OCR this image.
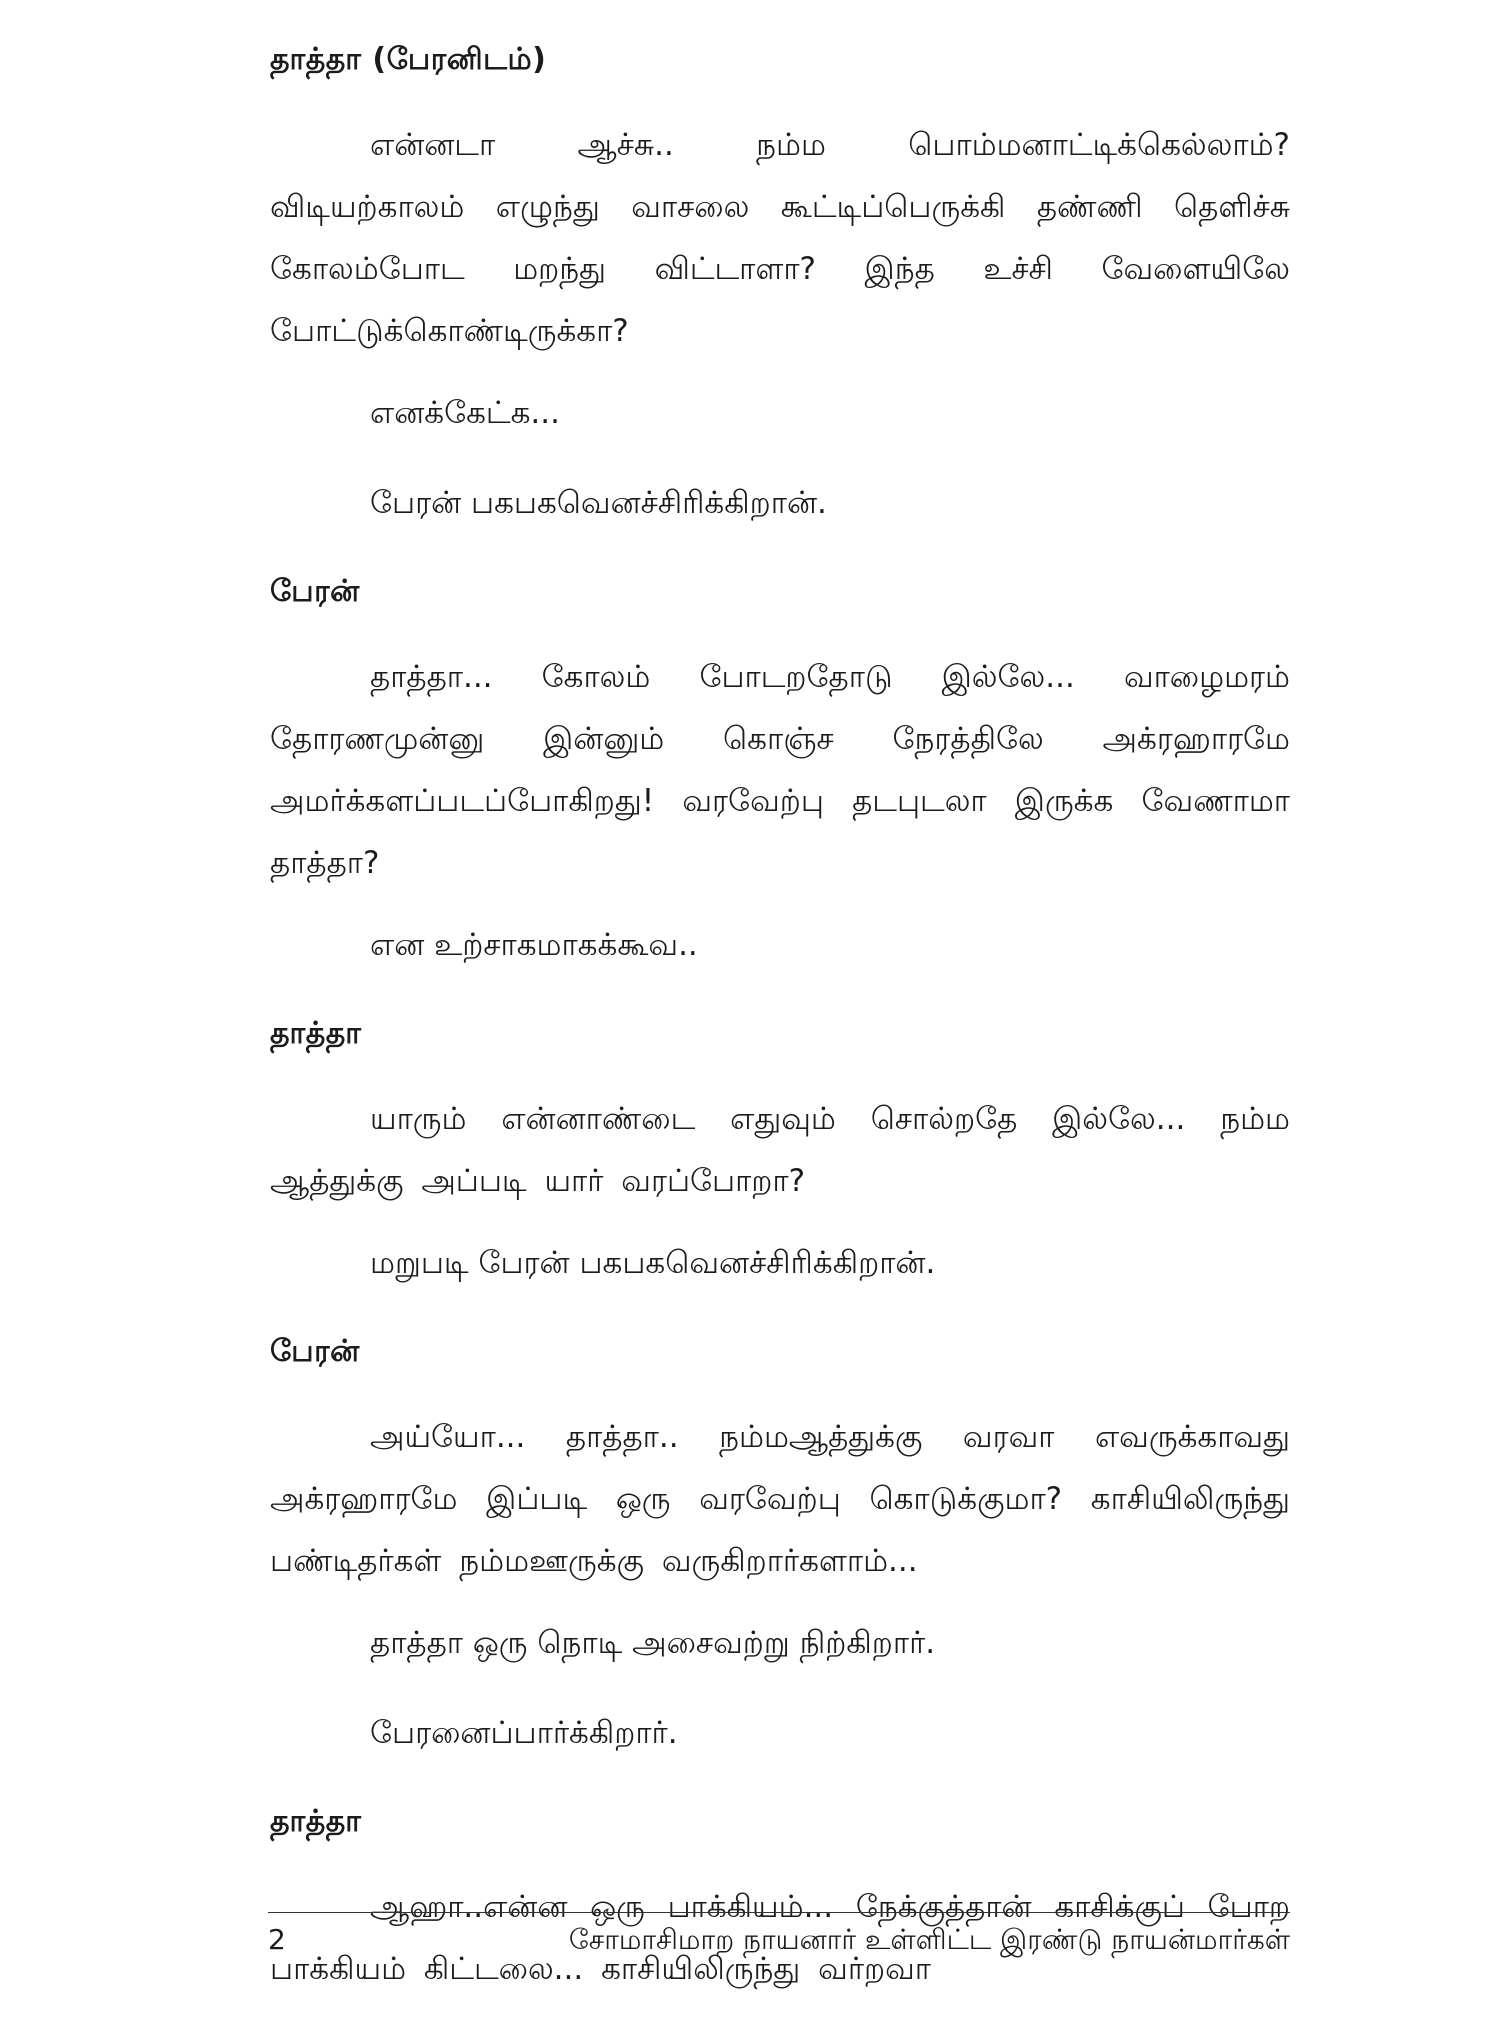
தாத்தா (பேரனிடம்)

என்னடா ஆச்சு.. நம்ம பொம்மனாட்டிக்கெல்லாம்? விடியற்காலம் எழுந்து வாசலை கூட்டிப்பெருக்கி தண்ணி தெளிச்சு கோலம்போட மறந்து விட்டாளா? இந்த உச்சி வேளையிலே போட்டுக்கொண்டிருக்கா?

எனக்கேட்க...
பேரன் பகபகவெனச்சிரிக்கிறான்.
பேரன்

தாத்தா... கோலம் போடறதோடு இல்லே... வாழைமரம் தோரணமுன்னு இன்னும் கொஞ்ச நேரத்திலே அக்ரஹாரமே அமர்க்களப்படப்போகிறது! வரவேற்பு தடபுடலா இருக்க வேணாமா தாத்தா?

என உற்சாகமாகக்கூவ..
தாத்தா

யாரும் என்னாண்டை எதுவும் சொல்றதே இல்லே... நம்ம ஆத்துக்கு அப்படி யார் வரப்போறா?

மறுபடி பேரன் பகபகவெனச்சிரிக்கிறான்.
பேரன்

அய்யோ... தாத்தா.. நம்மஆத்துக்கு வரவா எவருக்காவது அக்ரஹாரமே இப்படி ஒரு வரவேற்பு கொடுக்குமா? காசியிலிருந்து பண்டிதர்கள் நம்மஊருக்கு வருகிறார்களாம்...

தாத்தா ஒரு நொடி அசைவற்று நிற்கிறார்.
பேரனைப்பார்க்கிறார்.
தாத்தா

ஆஹா..என்ன ஒரு பாக்கியம்... நேக்குத்தான் காசிக்குப் போற பாக்கியம் கிட்டலை... காசியிலிருந்து வர்றவா

2	சோமாசிமாற நாயனார் உள்ளிட்ட இரண்டு நாயன்மார்கள்
